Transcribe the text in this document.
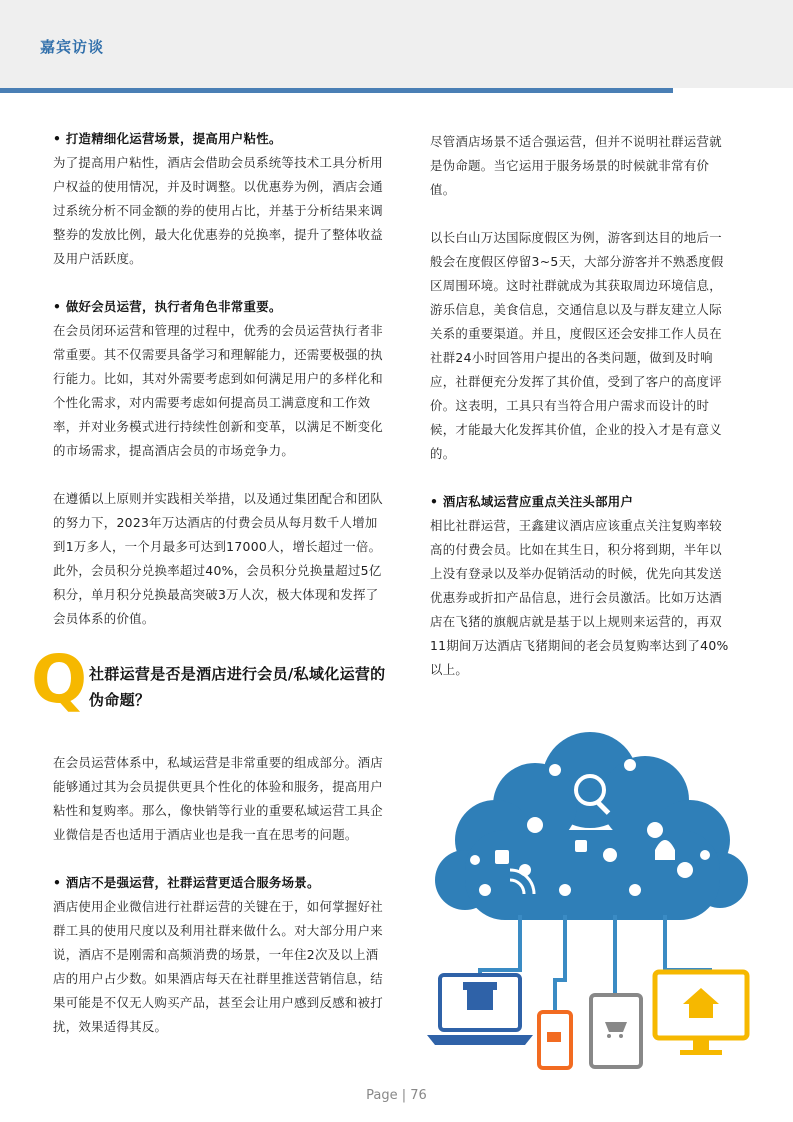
嘉宾访谈

• 打造精细化运营场景，提高用户粘性。

为了提高用户粘性，酒店会借助会员系统等技术工具分析用户权益的使用情况，并及时调整。以优惠券为例，酒店会通过系统分析不同金额的券的使用占比，并基于分析结果来调整券的发放比例，最大化优惠券的兑换率，提升了整体收益及用户活跃度。

• 做好会员运营，执行者角色非常重要。

在会员闭环运营和管理的过程中，优秀的会员运营执行者非常重要。其不仅需要具备学习和理解能力，还需要极强的执行能力。比如，其对外需要考虑到如何满足用户的多样化和个性化需求，对内需要考虑如何提高员工满意度和工作效率，并对业务模式进行持续性创新和变革，以满足不断变化的市场需求，提高酒店会员的市场竞争力。

在遵循以上原则并实践相关举措，以及通过集团配合和团队的努力下，2023年万达酒店的付费会员从每月数千人增加到1万多人，一个月最多可达到17000人，增长超过一倍。此外，会员积分兑换率超过40%，会员积分兑换量超过5亿积分，单月积分兑换最高突破3万人次，极大体现和发挥了会员体系的价值。

Q 社群运营是否是酒店进行会员/私域化运营的伪命题？

在会员运营体系中，私域运营是非常重要的组成部分。酒店能够通过其为会员提供更具个性化的体验和服务，提高用户粘性和复购率。那么，像快销等行业的重要私域运营工具企业微信是否也适用于酒店业也是我一直在思考的问题。

• 酒店不是强运营，社群运营更适合服务场景。

酒店使用企业微信进行社群运营的关键在于，如何掌握好社群工具的使用尺度以及利用社群来做什么。对大部分用户来说，酒店不是刚需和高频消费的场景，一年住2次及以上酒店的用户占少数。如果酒店每天在社群里推送营销信息，结果可能是不仅无人购买产品，甚至会让用户感到反感和被打扰，效果适得其反。

尽管酒店场景不适合强运营，但并不说明社群运营就是伪命题。当它运用于服务场景的时候就非常有价值。

以长白山万达国际度假区为例，游客到达目的地后一般会在度假区停留3~5天，大部分游客并不熟悉度假区周围环境。这时社群就成为其获取周边环境信息，游乐信息，美食信息，交通信息以及与群友建立人际关系的重要渠道。并且，度假区还会安排工作人员在社群24小时回答用户提出的各类问题，做到及时响应，社群便充分发挥了其价值，受到了客户的高度评价。这表明，工具只有当符合用户需求而设计的时候，才能最大化发挥其价值，企业的投入才是有意义的。

• 酒店私域运营应重点关注头部用户

相比社群运营，王鑫建议酒店应该重点关注复购率较高的付费会员。比如在其生日，积分将到期，半年以上没有登录以及举办促销活动的时候，优先向其发送优惠券或折扣产品信息，进行会员激活。比如万达酒店在飞猪的旗舰店就是基于以上规则来运营的，再双11期间万达酒店飞猪期间的老会员复购率达到了40%以上。

Page | 76
